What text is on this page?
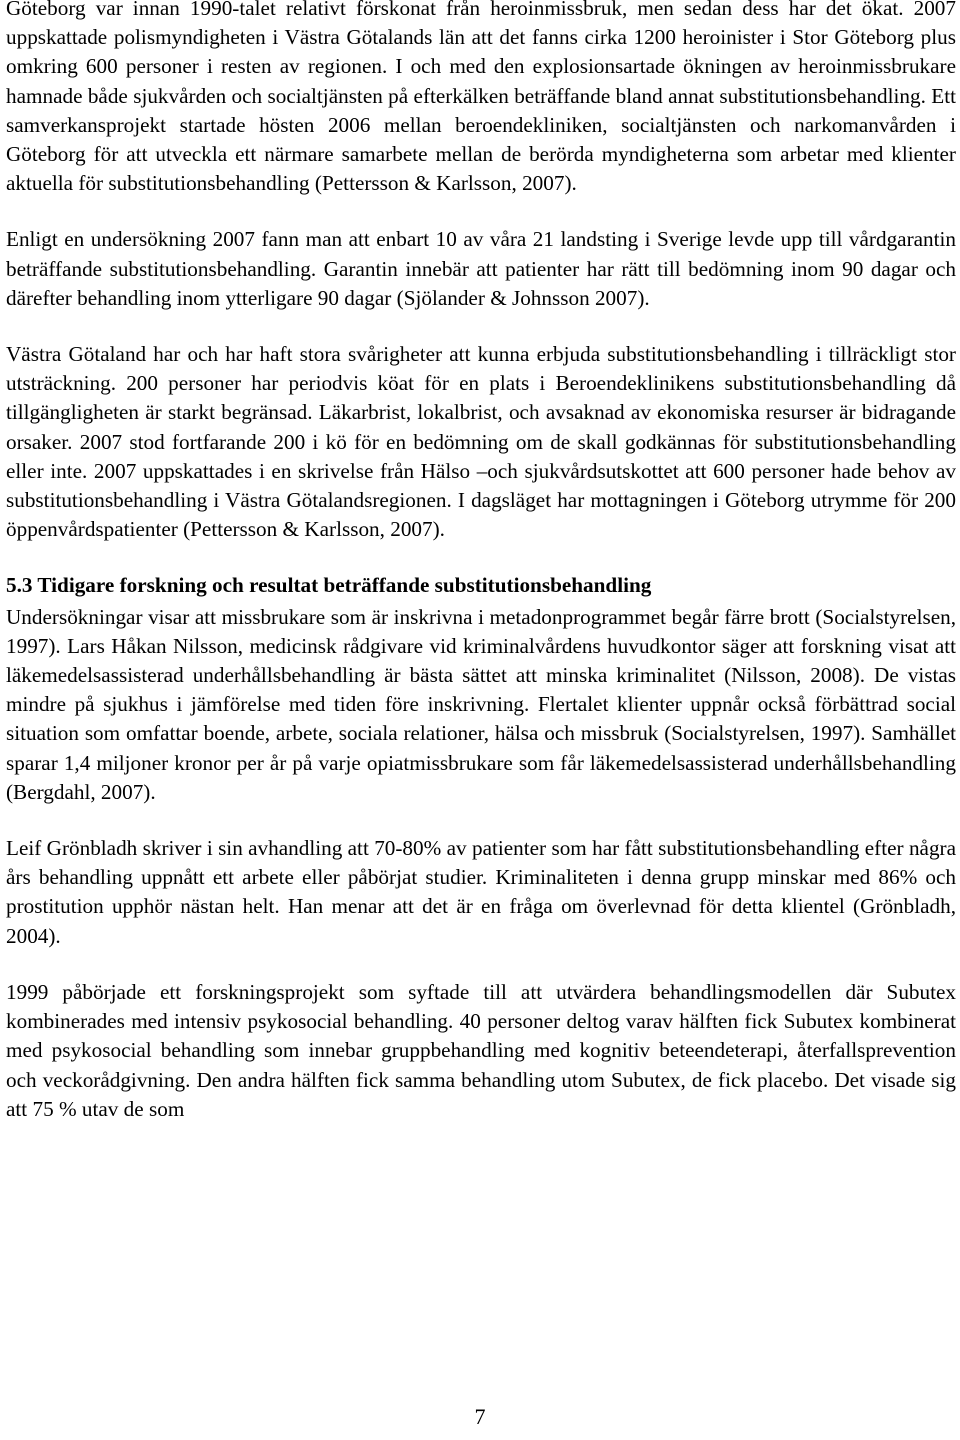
Göteborg var innan 1990-talet relativt förskonat från heroinmissbruk, men sedan dess har det ökat. 2007 uppskattade polismyndigheten i Västra Götalands län att det fanns cirka 1200 heroinister i Stor Göteborg plus omkring 600 personer i resten av regionen. I och med den explosionsartade ökningen av heroinmissbrukare hamnade både sjukvården och socialtjänsten på efterkälken beträffande bland annat substitutionsbehandling. Ett samverkansprojekt startade hösten 2006 mellan beroendekliniken, socialtjänsten och narkomanvården i Göteborg för att utveckla ett närmare samarbete mellan de berörda myndigheterna som arbetar med klienter aktuella för substitutionsbehandling (Pettersson & Karlsson, 2007).

Enligt en undersökning 2007 fann man att enbart 10 av våra 21 landsting i Sverige levde upp till vårdgarantin beträffande substitutionsbehandling. Garantin innebär att patienter har rätt till bedömning inom 90 dagar och därefter behandling inom ytterligare 90 dagar (Sjölander & Johnsson 2007).

Västra Götaland har och har haft stora svårigheter att kunna erbjuda substitutionsbehandling i tillräckligt stor utsträckning. 200 personer har periodvis köat för en plats i Beroendeklinikens substitutionsbehandling då tillgängligheten är starkt begränsad. Läkarbrist, lokalbrist, och avsaknad av ekonomiska resurser är bidragande orsaker. 2007 stod fortfarande 200 i kö för en bedömning om de skall godkännas för substitutionsbehandling eller inte. 2007 uppskattades i en skrivelse från Hälso –och sjukvårdsutskottet att 600 personer hade behov av substitutionsbehandling i Västra Götalandsregionen. I dagsläget har mottagningen i Göteborg utrymme för 200 öppenvårdspatienter (Pettersson & Karlsson, 2007).

5.3 Tidigare forskning och resultat beträffande substitutionsbehandling

Undersökningar visar att missbrukare som är inskrivna i metadonprogrammet begår färre brott (Socialstyrelsen, 1997). Lars Håkan Nilsson, medicinsk rådgivare vid kriminalvårdens huvudkontor säger att forskning visat att läkemedelsassisterad underhållsbehandling är bästa sättet att minska kriminalitet (Nilsson, 2008). De vistas mindre på sjukhus i jämförelse med tiden före inskrivning. Flertalet klienter uppnår också förbättrad social situation som omfattar boende, arbete, sociala relationer, hälsa och missbruk (Socialstyrelsen, 1997). Samhället sparar 1,4 miljoner kronor per år på varje opiatmissbrukare som får läkemedelsassisterad underhållsbehandling (Bergdahl, 2007).

Leif Grönbladh skriver i sin avhandling att 70-80% av patienter som har fått substitutionsbehandling efter några års behandling uppnått ett arbete eller påbörjat studier. Kriminaliteten i denna grupp minskar med 86% och prostitution upphör nästan helt. Han menar att det är en fråga om överlevnad för detta klientel (Grönbladh, 2004).

1999 påbörjade ett forskningsprojekt som syftade till att utvärdera behandlingsmodellen där Subutex kombinerades med intensiv psykosocial behandling. 40 personer deltog varav hälften fick Subutex kombinerat med psykosocial behandling som innebar gruppbehandling med kognitiv beteendeterapi, återfallsprevention och veckorådgivning. Den andra hälften fick samma behandling utom Subutex, de fick placebo. Det visade sig att 75 % utav de som

7
